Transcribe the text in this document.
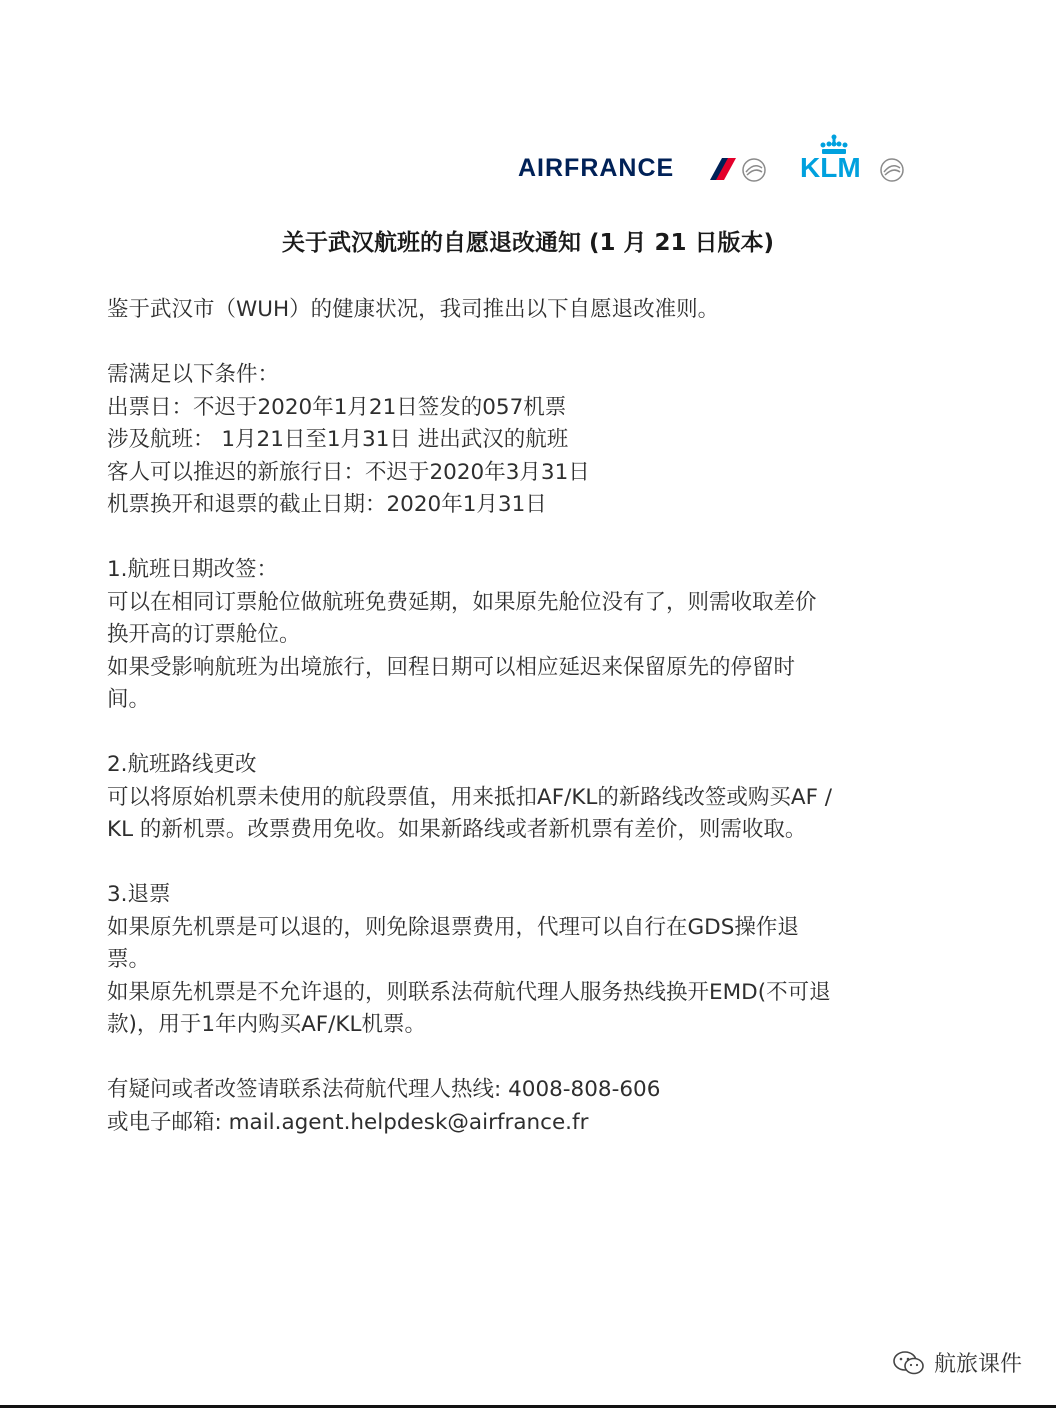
AIRFRANCE	KLM
关于武汉航班的自愿退改通知 (1 月 21 日版本)

鉴于武汉市（WUH）的健康状况，我司推出以下自愿退改准则。

需满足以下条件：

出票日：不迟于2020年1月21日签发的057机票

涉及航班： 1月21日至1月31日 进出武汉的航班

客人可以推迟的新旅行日：不迟于2020年3月31日

机票换开和退票的截止日期：2020年1月31日

1.航班日期改签：

可以在相同订票舱位做航班免费延期，如果原先舱位没有了，则需收取差价

换开高的订票舱位。

如果受影响航班为出境旅行，回程日期可以相应延迟来保留原先的停留时

间。

2.航班路线更改

可以将原始机票未使用的航段票值，用来抵扣AF/KL的新路线改签或购买AF /

KL 的新机票。改票费用免收。如果新路线或者新机票有差价，则需收取。

3.退票

如果原先机票是可以退的，则免除退票费用，代理可以自行在GDS操作退

票。

如果原先机票是不允许退的，则联系法荷航代理人服务热线换开EMD(不可退

款)，用于1年内购买AF/KL机票。

有疑问或者改签请联系法荷航代理人热线: 4008-808-606

或电子邮箱: mail.agent.helpdesk@airfrance.fr

航旅课件
